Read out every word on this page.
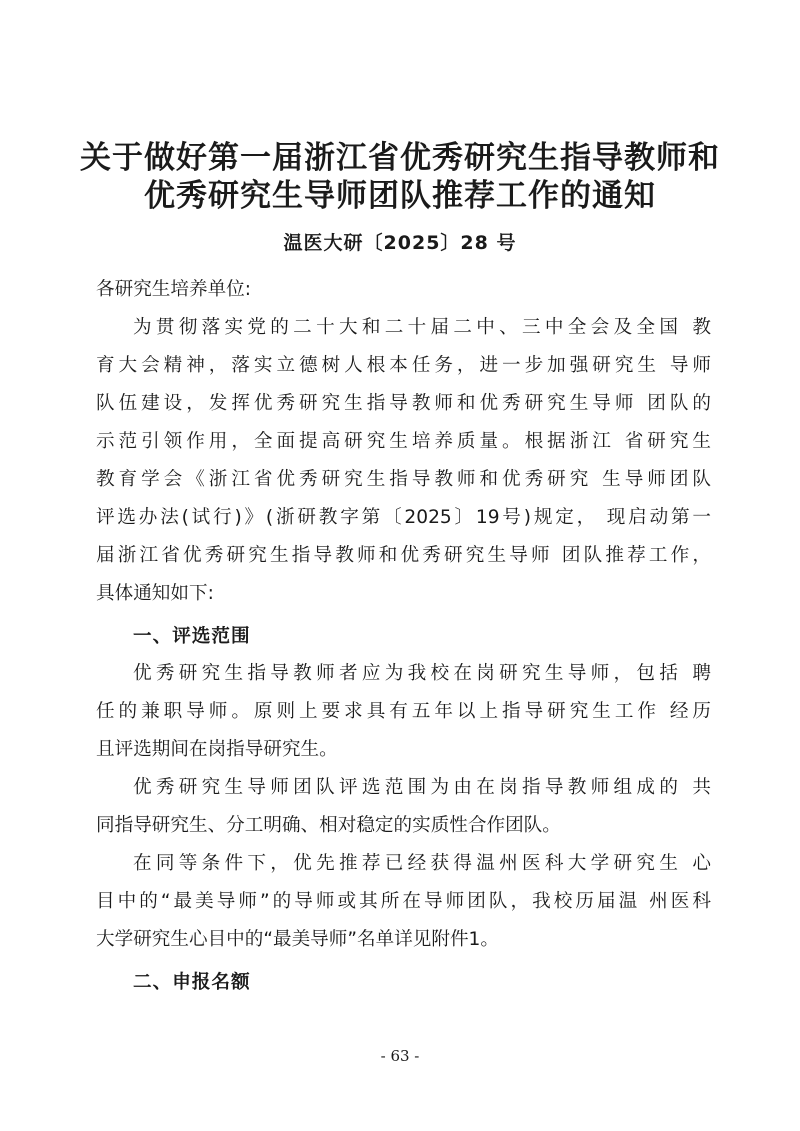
关于做好第一届浙江省优秀研究生指导教师和
优秀研究生导师团队推荐工作的通知
温医大研〔2025〕28 号
各研究生培养单位:
为贯彻落实党的二十大和二十届二中、三中全会及全国 教
育大会精神，落实立德树人根本任务，进一步加强研究生 导师
队伍建设，发挥优秀研究生指导教师和优秀研究生导师 团队的
示范引领作用，全面提高研究生培养质量。根据浙江 省研究生
教育学会《浙江省优秀研究生指导教师和优秀研究 生导师团队
评选办法(试行)》(浙研教字第〔2025〕19号)规定， 现启动第一
届浙江省优秀研究生指导教师和优秀研究生导师 团队推荐工作，
具体通知如下:
一、评选范围
优秀研究生指导教师者应为我校在岗研究生导师，包括 聘
任的兼职导师。原则上要求具有五年以上指导研究生工作 经历
且评选期间在岗指导研究生。
优秀研究生导师团队评选范围为由在岗指导教师组成的 共
同指导研究生、分工明确、相对稳定的实质性合作团队。
在同等条件下，优先推荐已经获得温州医科大学研究生 心
目中的“最美导师”的导师或其所在导师团队，我校历届温 州医科
大学研究生心目中的“最美导师”名单详见附件1。
二、申报名额
- 63 -
